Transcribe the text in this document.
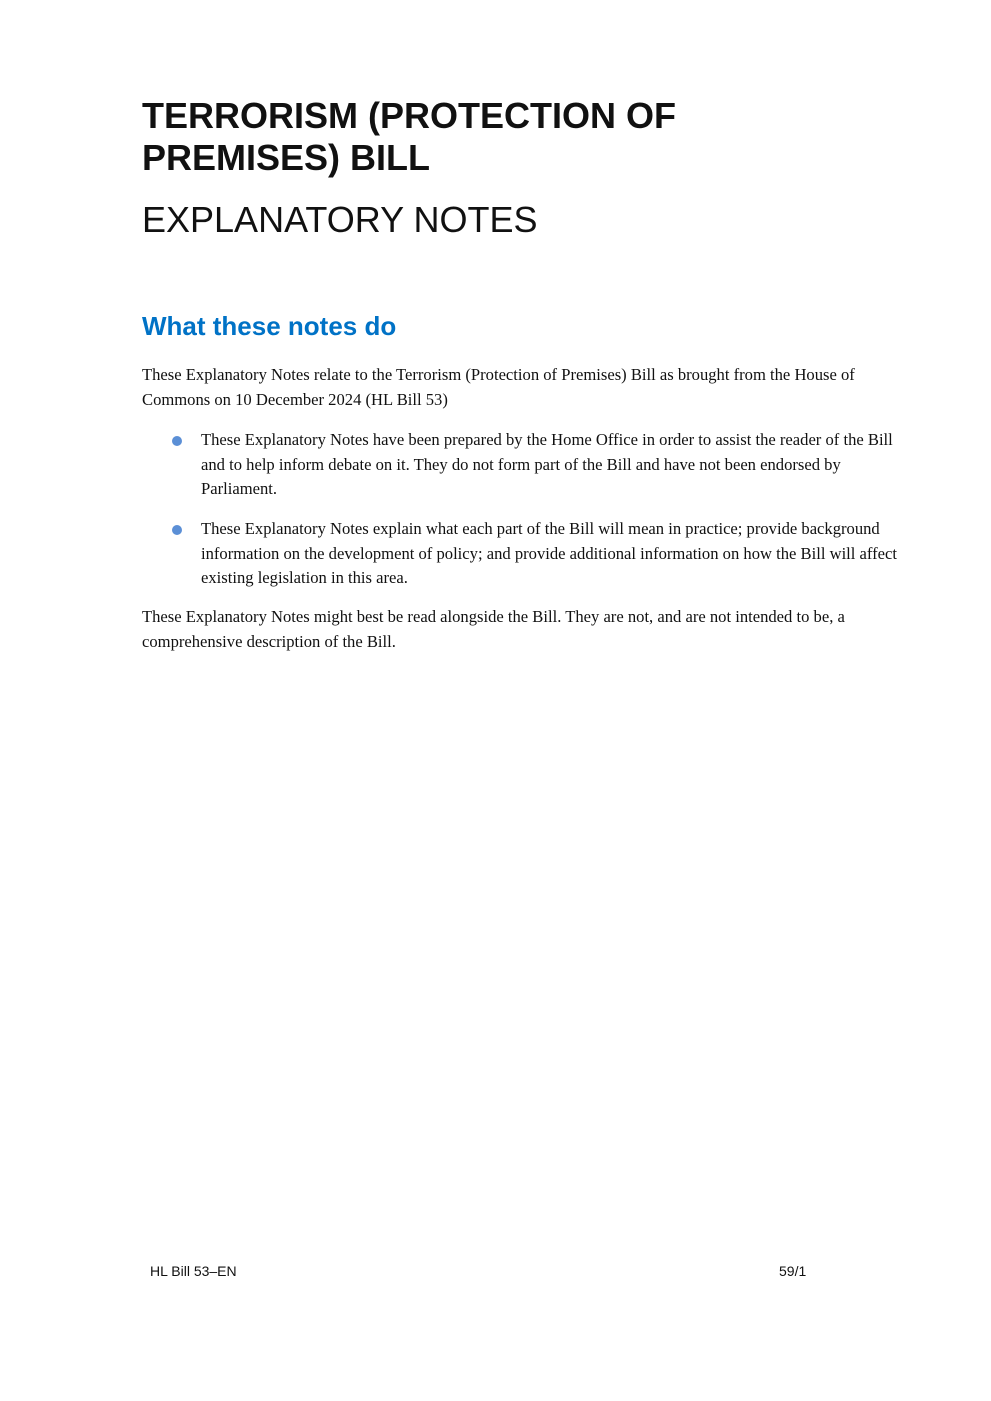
TERRORISM (PROTECTION OF PREMISES) BILL
EXPLANATORY NOTES
What these notes do

These Explanatory Notes relate to the Terrorism (Protection of Premises) Bill as brought from the House of Commons on 10 December 2024 (HL Bill 53)

These Explanatory Notes have been prepared by the Home Office in order to assist the reader of the Bill and to help inform debate on it. They do not form part of the Bill and have not been endorsed by Parliament.
These Explanatory Notes explain what each part of the Bill will mean in practice; provide background information on the development of policy; and provide additional information on how the Bill will affect existing legislation in this area.

These Explanatory Notes might best be read alongside the Bill. They are not, and are not intended to be, a comprehensive description of the Bill.

HL Bill 53–EN	59/1
